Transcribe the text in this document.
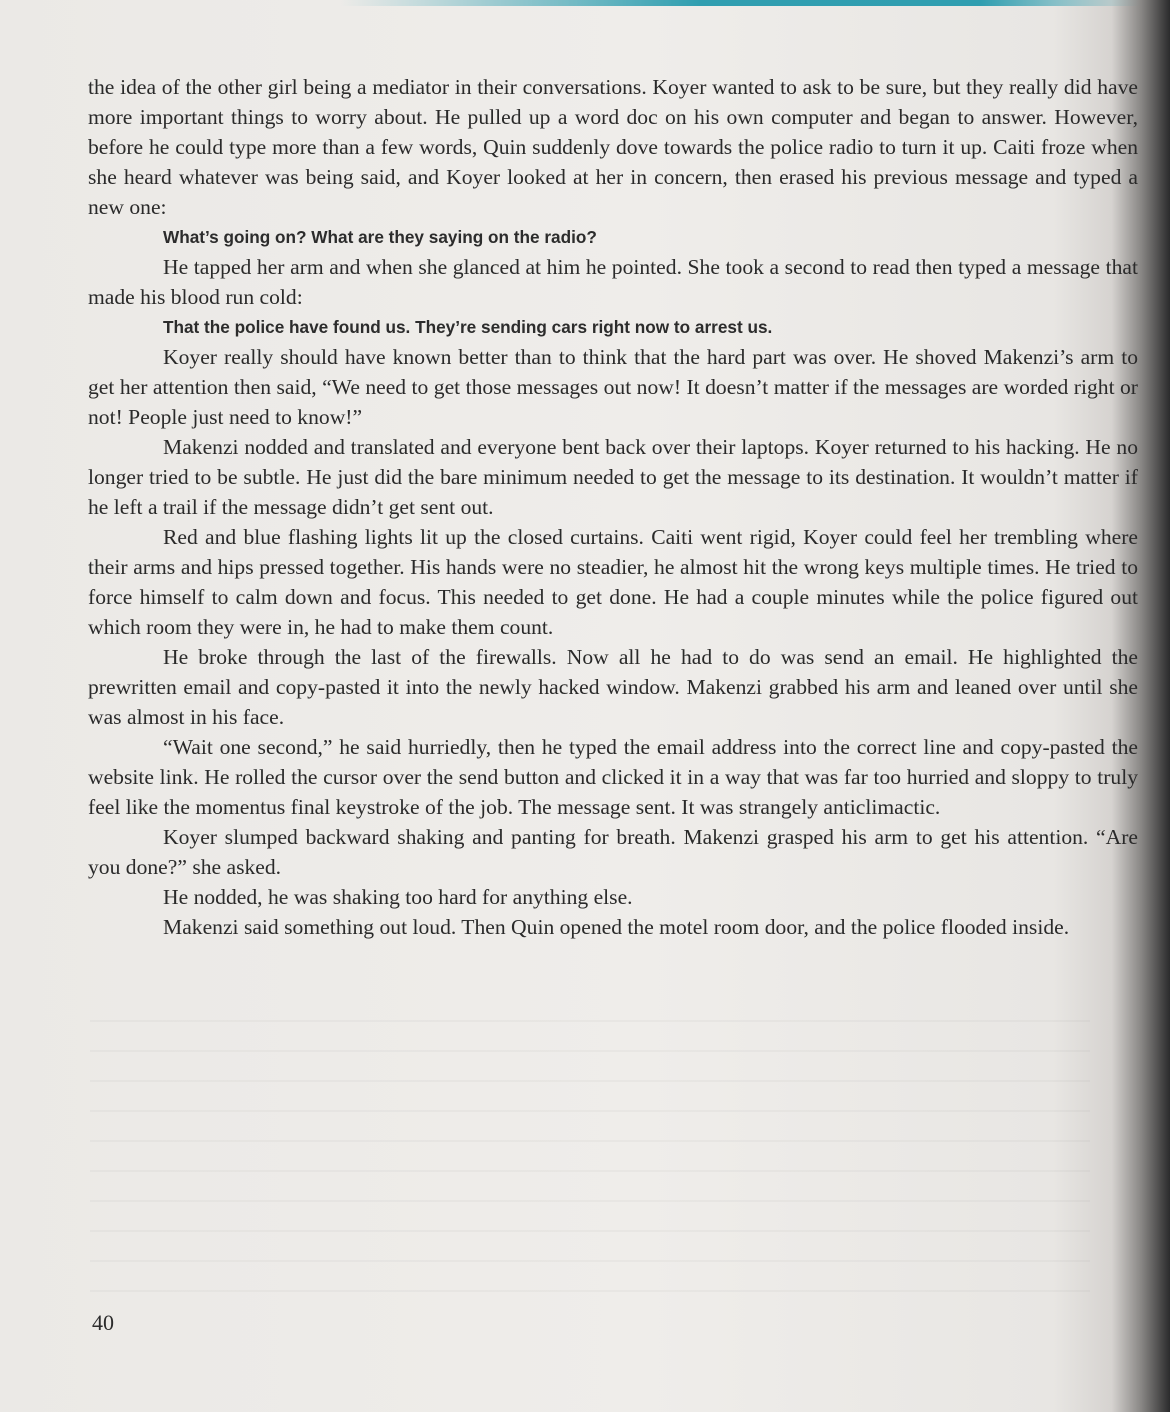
the idea of the other girl being a mediator in their conversations. Koyer wanted to ask to be sure, but they really did have more important things to worry about. He pulled up a word doc on his own computer and began to answer. However, before he could type more than a few words, Quin suddenly dove towards the police radio to turn it up. Caiti froze when she heard whatever was being said, and Koyer looked at her in concern, then erased his previous message and typed a new one:

What’s going on? What are they saying on the radio?

He tapped her arm and when she glanced at him he pointed. She took a second to read then typed a message that made his blood run cold:

That the police have found us. They’re sending cars right now to arrest us.

Koyer really should have known better than to think that the hard part was over. He shoved Makenzi’s arm to get her attention then said, “We need to get those messages out now! It doesn’t matter if the messages are worded right or not! People just need to know!”

Makenzi nodded and translated and everyone bent back over their laptops. Koyer returned to his hacking. He no longer tried to be subtle. He just did the bare minimum needed to get the message to its destination. It wouldn’t matter if he left a trail if the message didn’t get sent out.

Red and blue flashing lights lit up the closed curtains. Caiti went rigid, Koyer could feel her trembling where their arms and hips pressed together. His hands were no steadier, he almost hit the wrong keys multiple times. He tried to force himself to calm down and focus. This needed to get done. He had a couple minutes while the police figured out which room they were in, he had to make them count.

He broke through the last of the firewalls. Now all he had to do was send an email. He highlighted the prewritten email and copy-pasted it into the newly hacked window. Makenzi grabbed his arm and leaned over until she was almost in his face.

“Wait one second,” he said hurriedly, then he typed the email address into the correct line and copy-pasted the website link. He rolled the cursor over the send button and clicked it in a way that was far too hurried and sloppy to truly feel like the momentus final keystroke of the job. The message sent. It was strangely anticlimactic.

Koyer slumped backward shaking and panting for breath. Makenzi grasped his arm to get his attention. “Are you done?” she asked.

He nodded, he was shaking too hard for anything else.

Makenzi said something out loud. Then Quin opened the motel room door, and the police flooded inside.

40
